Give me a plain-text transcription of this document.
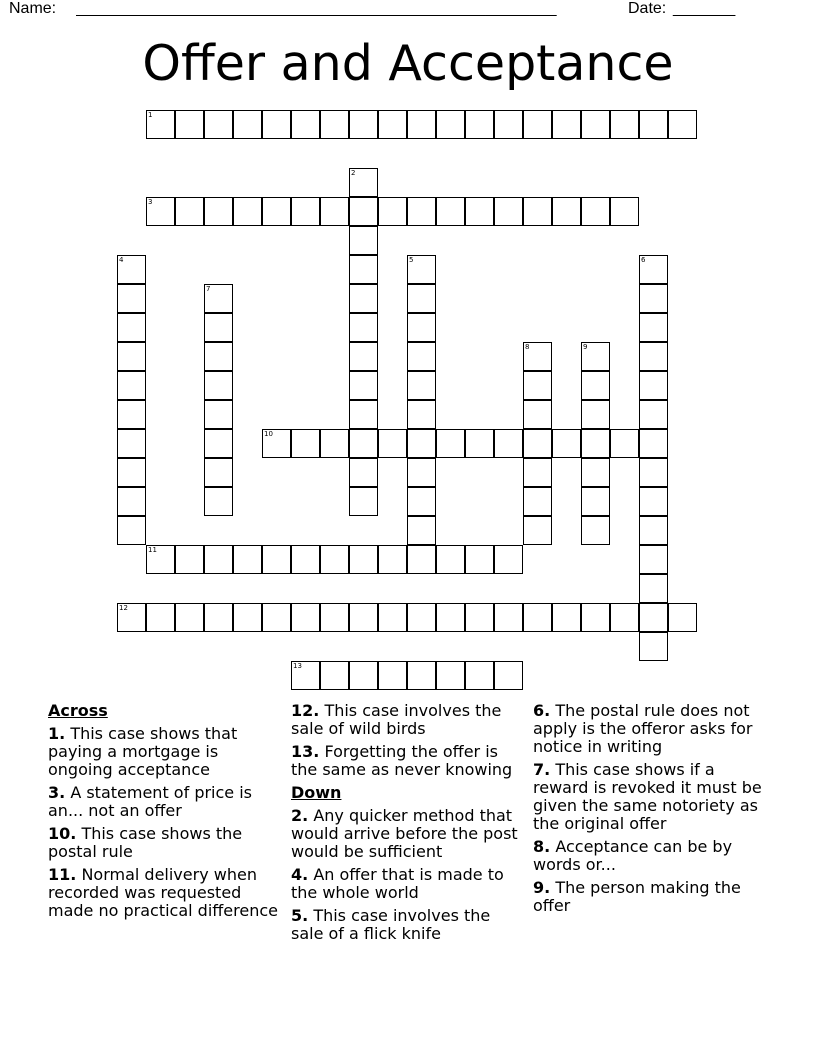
Name: ______________________________________________________	Date: _______
Offer and Acceptance
1
2
3
4	5	6
7
8	9
10
11
12
13
Across
1. This case shows that paying a mortgage is ongoing acceptance
3. A statement of price is an... not an offer
10. This case shows the postal rule
11. Normal delivery when recorded was requested made no practical difference
12. This case involves the sale of wild birds
13. Forgetting the offer is the same as never knowing
Down
2. Any quicker method that would arrive before the post would be sufficient
4. An offer that is made to the whole world
5. This case involves the sale of a flick knife
6. The postal rule does not apply is the offeror asks for notice in writing
7. This case shows if a reward is revoked it must be given the same notoriety as the original offer
8. Acceptance can be by words or...
9. The person making the offer
